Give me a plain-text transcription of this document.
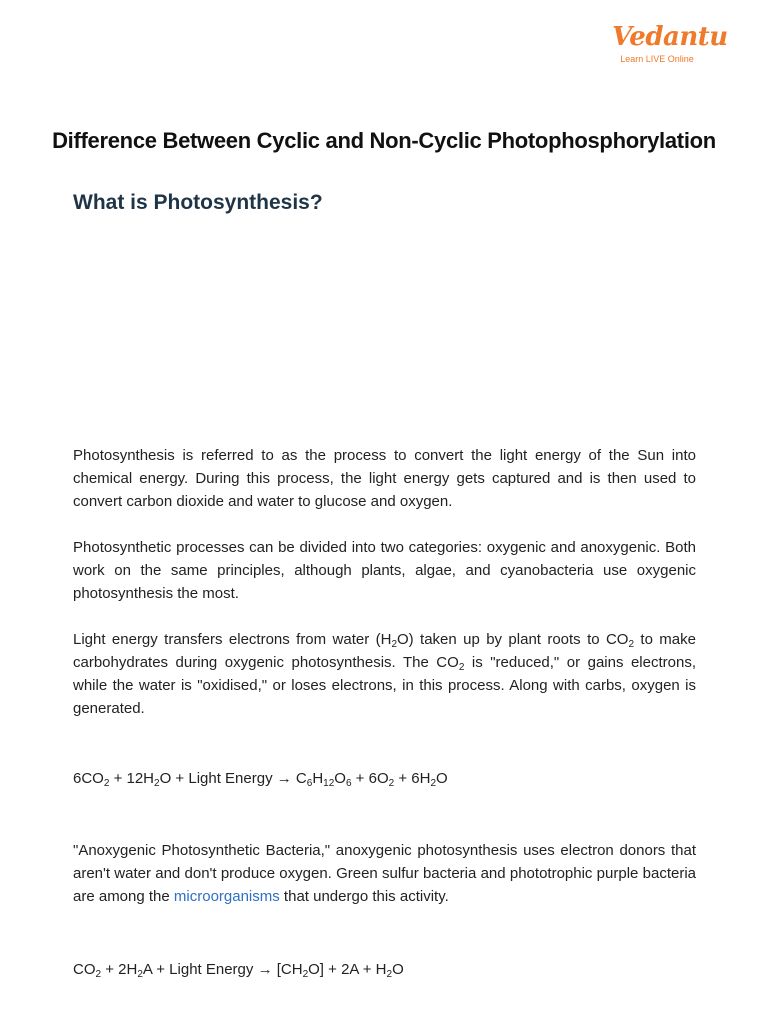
Vedantu
Learn LIVE Online
Difference Between Cyclic and Non-Cyclic Photophosphorylation
What is Photosynthesis?

Photosynthesis is referred to as the process to convert the light energy of the Sun into chemical energy. During this process, the light energy gets captured and is then used to convert carbon dioxide and water to glucose and oxygen.

Photosynthetic processes can be divided into two categories: oxygenic and anoxygenic. Both work on the same principles, although plants, algae, and cyanobacteria use oxygenic photosynthesis the most.

Light energy transfers electrons from water $(H_2O)$ taken up by plant roots to $CO_2$ to make carbohydrates during oxygenic photosynthesis. The $CO_2$ is "reduced," or gains electrons, while the water is "oxidised," or loses electrons, in this process. Along with carbs, oxygen is generated.

$6CO_2 + 12H_2O$ + Light Energy → $C_6H_{12}O_6 + 6O_2 + 6H_2O$

"Anoxygenic Photosynthetic Bacteria," anoxygenic photosynthesis uses electron donors that aren't water and don't produce oxygen. Green sulfur bacteria and phototrophic purple bacteria are among the microorganisms that undergo this activity.

$CO_2 + 2H_2A$ + Light Energy → $[CH_2O] + 2A + H_2O$
